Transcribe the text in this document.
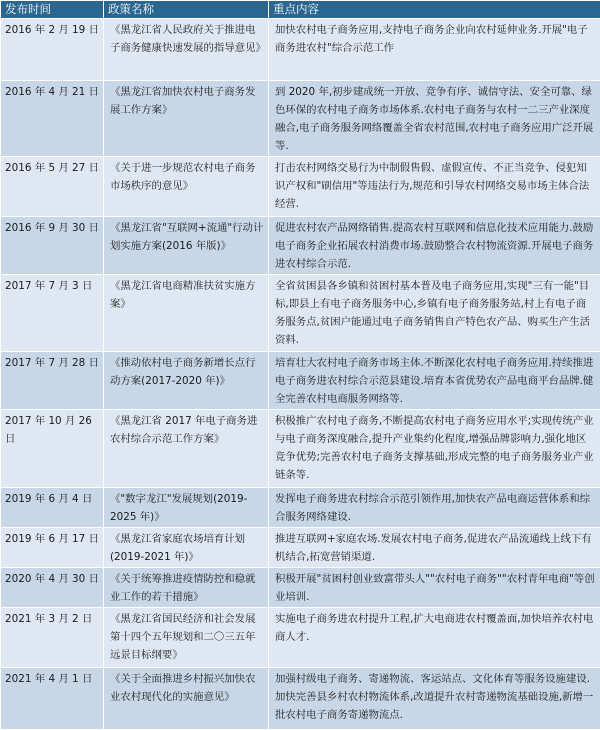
发布时间	政策名称	重点内容
2016 年 2 月 19 日	《黑龙江省人民政府关于推进电子商务健康快速发展的指导意见》	加快农村电子商务应用,支持电子商务企业向农村延伸业务.开展"电子商务进农村"综合示范工作
2016 年 4 月 21 日	《黑龙江省加快农村电子商务发展工作方案》	到 2020 年,初步建成统一开放、竞争有序、诚信守法、安全可靠、绿色环保的农村电子商务市场体系.农村电子商务与农村一二三产业深度融合,电子商务服务网络覆盖全省农村范围,农村电子商务应用广泛开展等.
2016 年 5 月 27 日	《关于进一步规范农村电子商务市场秩序的意见》	打击农村网络交易行为中制假售假、虚假宣传、不正当竞争、侵犯知识产权和"刷信用"等违法行为,规范和引导农村网络交易市场主体合法经营.
2016 年 9 月 30 日	《黑龙江省"互联网+流通"行动计划实施方案(2016 年版)》	促进农村农产品网络销售.提高农村互联网和信息化技术应用能力.鼓励电子商务企业拓展农村消费市场.鼓励整合农村物流资源.开展电子商务进农村综合示范.
2017 年 7 月 3 日	《黑龙江省电商精准扶贫实施方案》	全省贫困县各乡镇和贫困村基本普及电子商务应用,实现"三有一能"目标,即县上有电子商务服务中心,乡镇有电子商务服务站,村上有电子商务服务点,贫困户能通过电子商务销售自产特色农产品、购买生产生活资料.
2017 年 7 月 28 日	《推动依村电子商务新增长点行动方案(2017-2020 年)》	培育壮大农村电子商务市场主体.不断深化农村电子商务应用.持续推进电子商务进农村综合示范县建设.培育本省优势农产品电商平台品牌.健全完善农村电商服务网络等.
2017 年 10 月 26 日	《黑龙江省 2017 年电子商务进农村综合示范工作方案》	积极推广农村电子商务,不断提高农村电子商务应用水平;实现传统产业与电子商务深度融合,提升产业集约化程度,增强品牌影响力,强化地区竞争优势;完善农村电子商务支撑基础,形成完整的电子商务服务业产业链条等.
2019 年 6 月 4 日	《"数字龙江"发展规划(2019-2025 年)》	发挥电子商务进农村综合示范引领作用,加快农产品电商运营体系和综合服务网络建设.
2019 年 6 月 17 日	《黑龙江省家庭农场培育计划(2019-2021 年)》	推进互联网+家庭农场.发展农村电子商务,促进农产品流通线上线下有机结合,拓宽营销渠道.
2020 年 4 月 30 日	《关于统筹推进疫情防控和稳就业工作的若干措施》	积极开展"贫困村创业致富带头人""农村电子商务""农村青年电商"等创业培训.
2021 年 3 月 2 日	《黑龙江省国民经济和社会发展第十四个五年规划和二〇三五年远景目标纲要》	实施电子商务进农村提升工程,扩大电商进农村覆盖面,加快培养农村电商人才.
2021 年 4 月 1 日	《关于全面推进乡村振兴加快农业农村现代化的实施意见》	加强村级电子商务、寄递物流、客运站点、文化体育等服务设施建设.加快完善县乡村农村物流体系,改道提升农村寄递物流基础设施,新增一批农村电子商务寄递物流点.
